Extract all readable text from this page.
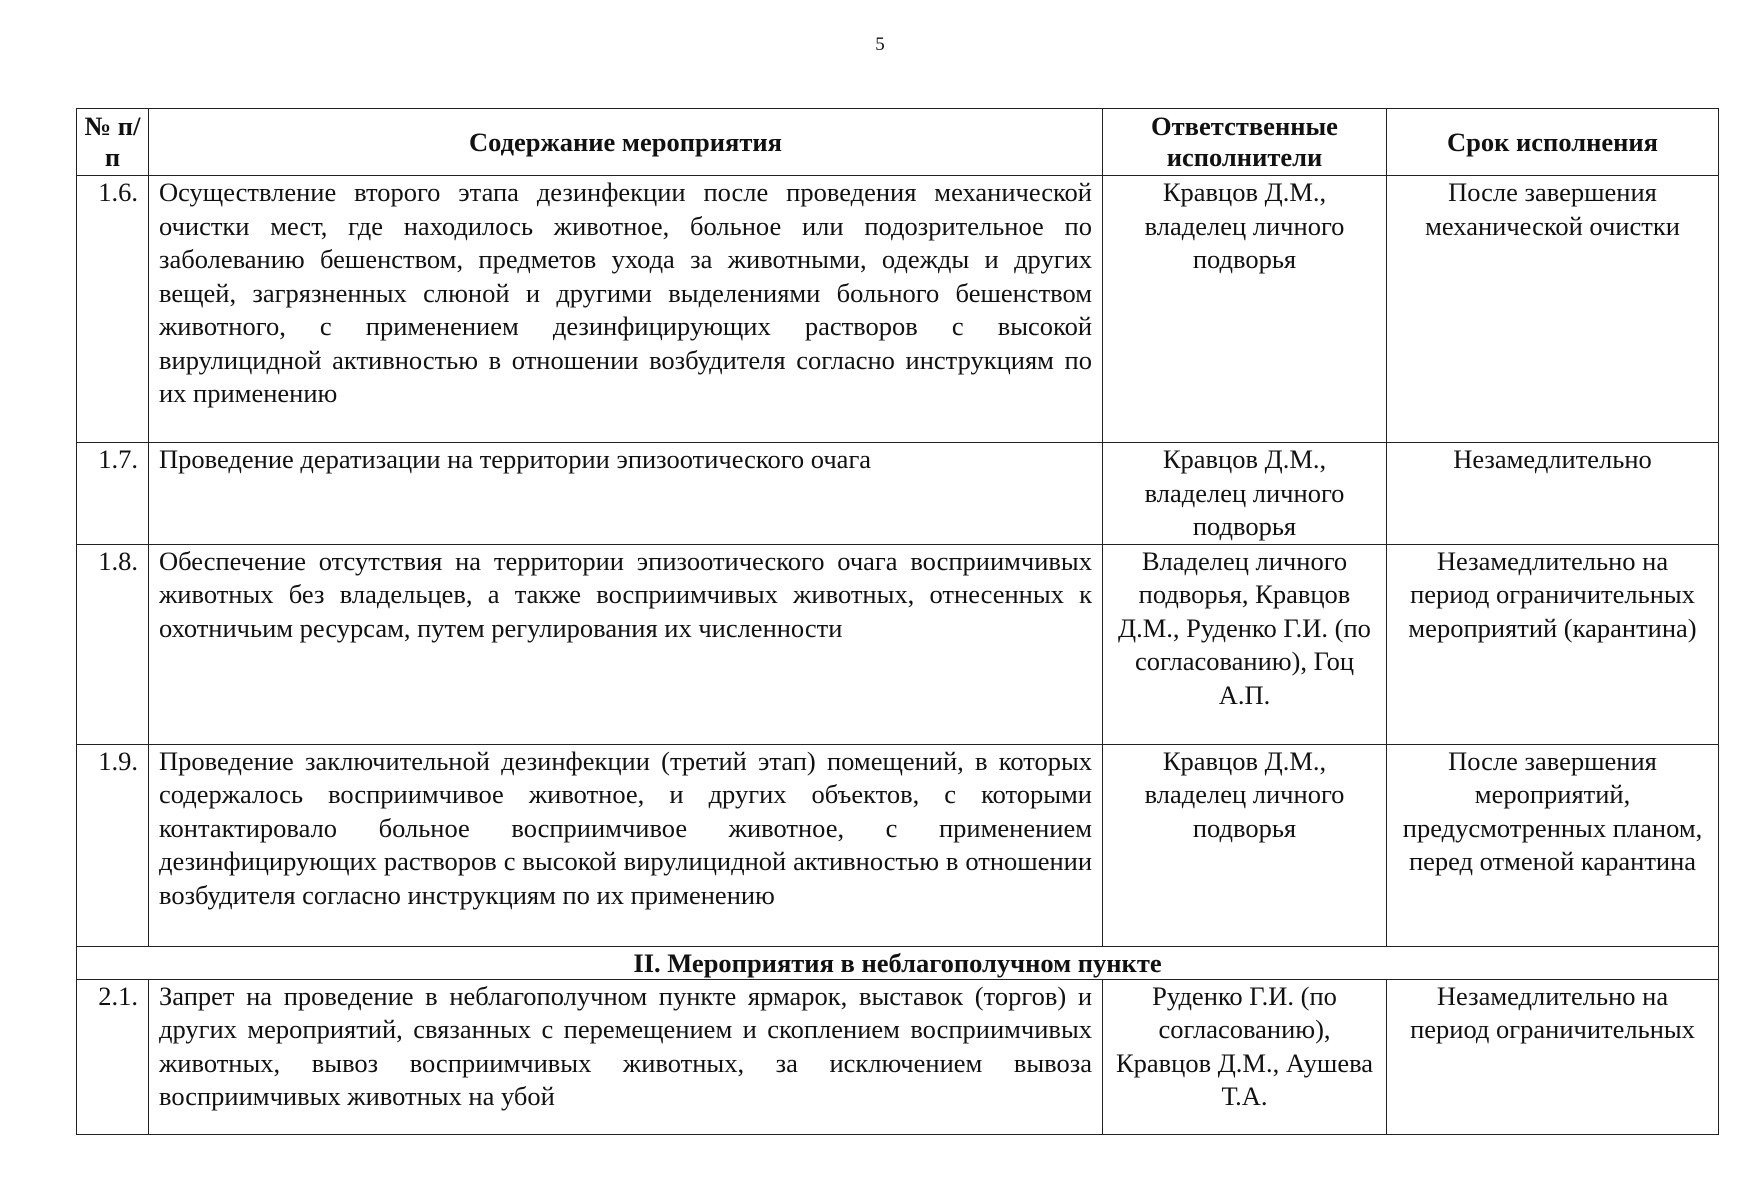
5
№ п/п	Содержание мероприятия	Ответственные исполнители	Срок исполнения
1.6.	Осуществление второго этапа дезинфекции после проведения механической очистки мест, где находилось животное, больное или подозрительное по заболеванию бешенством, предметов ухода за животными, одежды и других вещей, загрязненных слюной и другими выделениями больного бешенством животного, с применением дезинфицирующих растворов с высокой вирулицидной активностью в отношении возбудителя согласно инструкциям по их применению	Кравцов Д.М., владелец личного подворья	После завершения механической очистки
1.7.	Проведение дератизации на территории эпизоотического очага	Кравцов Д.М., владелец личного подворья	Незамедлительно
1.8.	Обеспечение отсутствия на территории эпизоотического очага восприимчивых животных без владельцев, а также восприимчивых животных, отнесенных к охотничьим ресурсам, путем регулирования их численности	Владелец личного подворья, Кравцов Д.М., Руденко Г.И. (по согласованию), Гоц А.П.	Незамедлительно на период ограничительных мероприятий (карантина)
1.9.	Проведение заключительной дезинфекции (третий этап) помещений, в которых содержалось восприимчивое животное, и других объектов, с которыми контактировало больное восприимчивое животное, с применением дезинфицирующих растворов с высокой вирулицидной активностью в отношении возбудителя согласно инструкциям по их применению	Кравцов Д.М., владелец личного подворья	После завершения мероприятий, предусмотренных планом, перед отменой карантина
II. Мероприятия в неблагополучном пункте			
2.1.	Запрет на проведение в неблагополучном пункте ярмарок, выставок (торгов) и других мероприятий, связанных с перемещением и скоплением восприимчивых животных, вывоз восприимчивых животных, за исключением вывоза восприимчивых животных на убой	Руденко Г.И. (по согласованию), Кравцов Д.М., Аушева Т.А.	Незамедлительно на период ограничительных
